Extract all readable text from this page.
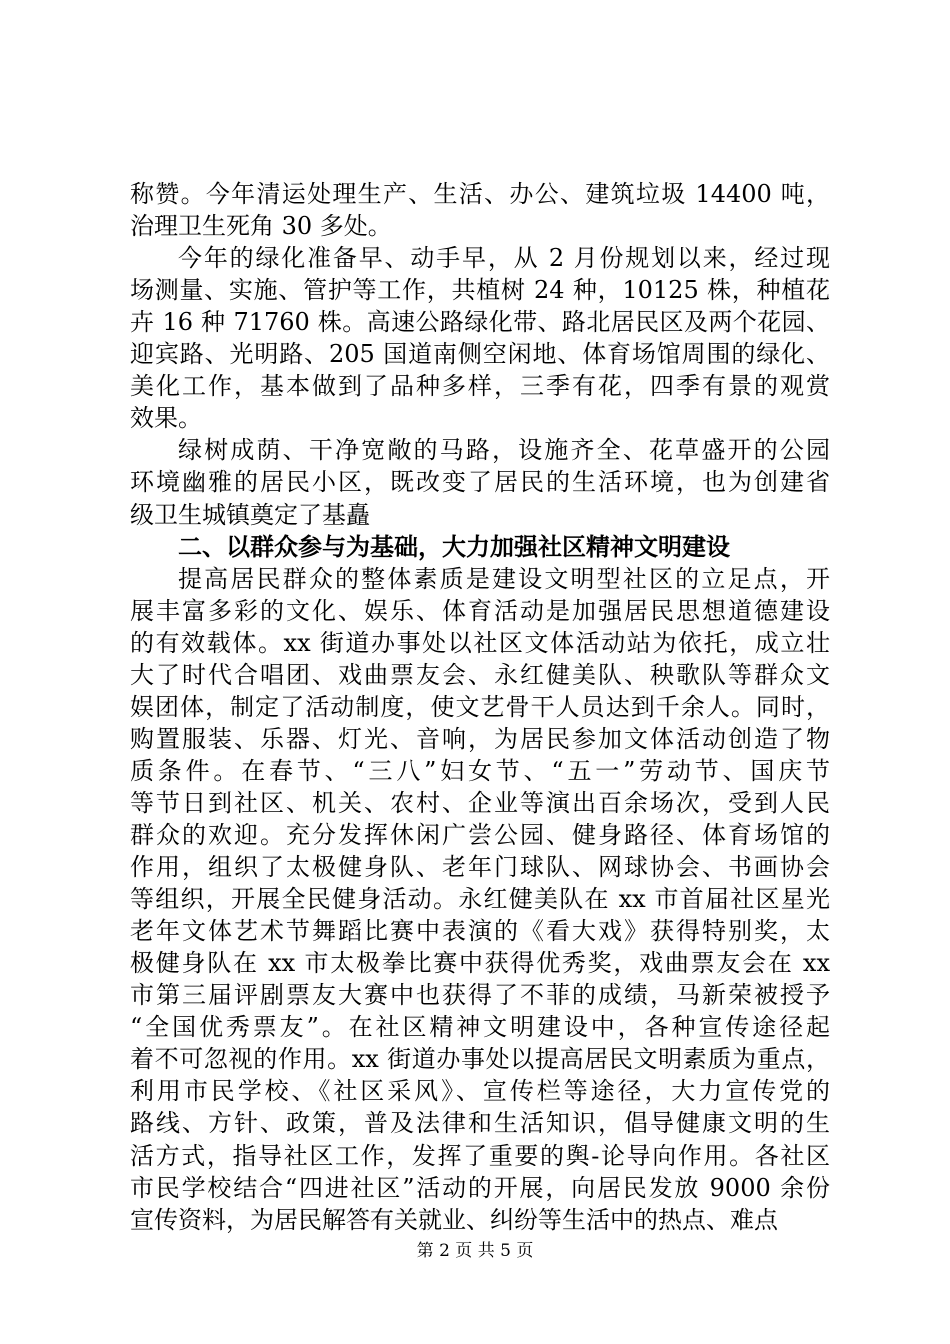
称赞。今年清运处理生产、生活、办公、建筑垃圾 14400 吨，
治理卫生死角 30 多处。
今年的绿化准备早、动手早，从 2 月份规划以来，经过现
场测量、实施、管护等工作，共植树 24 种，10125 株，种植花
卉 16 种 71760 株。高速公路绿化带、路北居民区及两个花园、
迎宾路、光明路、205 国道南侧空闲地、体育场馆周围的绿化、
美化工作，基本做到了品种多样，三季有花，四季有景的观赏
效果。
绿树成荫、干净宽敞的马路，设施齐全、花草盛开的公园
环境幽雅的居民小区，既改变了居民的生活环境，也为创建省
级卫生城镇奠定了基矗
二、以群众参与为基础，大力加强社区精神文明建设
提高居民群众的整体素质是建设文明型社区的立足点，开
展丰富多彩的文化、娱乐、体育活动是加强居民思想道德建设
的有效载体。xx 街道办事处以社区文体活动站为依托，成立壮
大了时代合唱团、戏曲票友会、永红健美队、秧歌队等群众文
娱团体，制定了活动制度，使文艺骨干人员达到千余人。同时，
购置服装、乐器、灯光、音响，为居民参加文体活动创造了物
质条件。在春节、“三八”妇女节、“五一”劳动节、国庆节
等节日到社区、机关、农村、企业等演出百余场次，受到人民
群众的欢迎。充分发挥休闲广尝公园、健身路径、体育场馆的
作用，组织了太极健身队、老年门球队、网球协会、书画协会
等组织，开展全民健身活动。永红健美队在 xx 市首届社区星光
老年文体艺术节舞蹈比赛中表演的《看大戏》获得特别奖，太
极健身队在 xx 市太极拳比赛中获得优秀奖，戏曲票友会在 xx
市第三届评剧票友大赛中也获得了不菲的成绩，马新荣被授予
“全国优秀票友”。在社区精神文明建设中，各种宣传途径起
着不可忽视的作用。xx 街道办事处以提高居民文明素质为重点，
利用市民学校、《社区采风》、宣传栏等途径，大力宣传党的
路线、方针、政策，普及法律和生活知识，倡导健康文明的生
活方式，指导社区工作，发挥了重要的舆-论导向作用。各社区
市民学校结合“四进社区”活动的开展，向居民发放 9000 余份
宣传资料，为居民解答有关就业、纠纷等生活中的热点、难点
第 2 页 共 5 页
